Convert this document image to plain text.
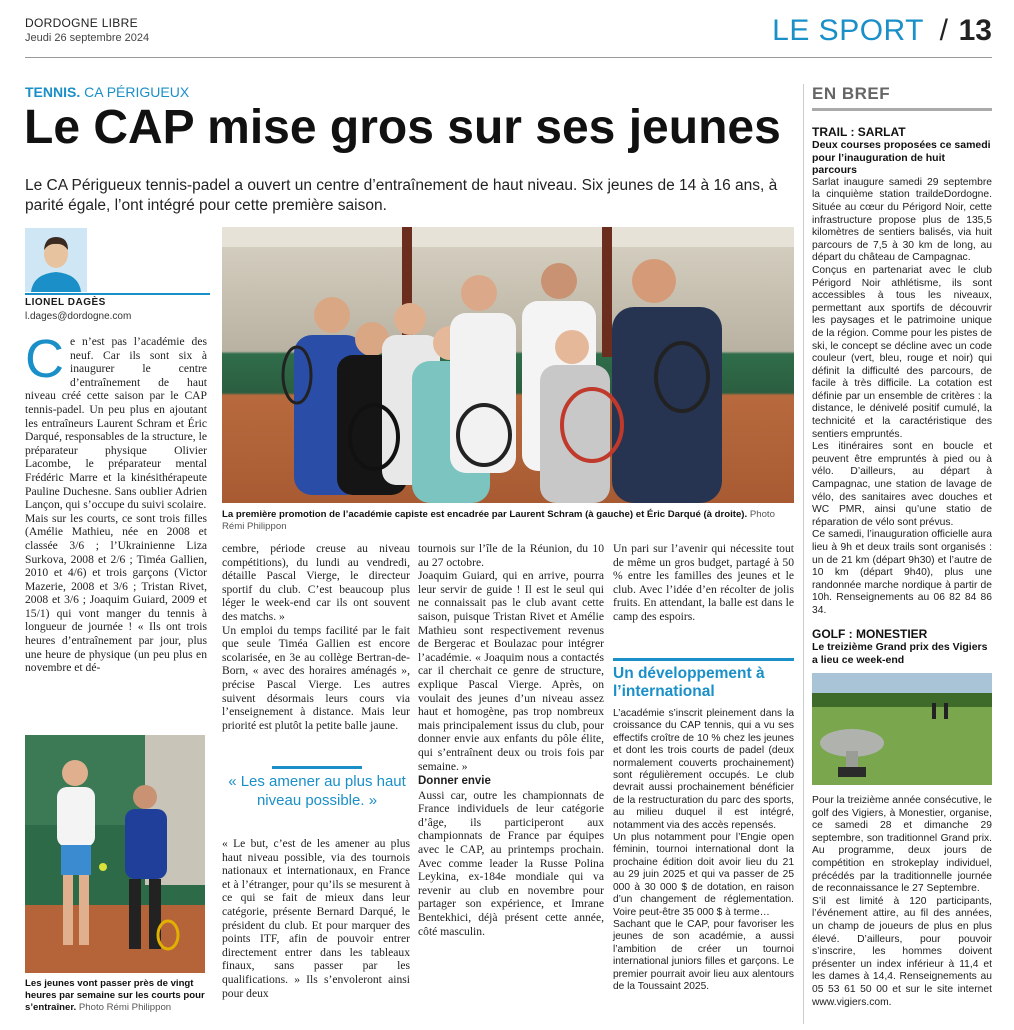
DORDOGNE LIBRE
Jeudi 26 septembre 2024	LE SPORT / 13
TENNIS. CA PÉRIGUEUX
Le CAP mise gros sur ses jeunes
Le CA Périgueux tennis-padel a ouvert un centre d’entraînement de haut niveau. Six jeunes de 14 à 16 ans, à parité égale, l’ont intégré pour cette première saison.
LIONEL DAGÈS
l.dages@dordogne.com
C e n’est pas l’académie des neuf. Car ils sont six à inaugurer le centre d’entraînement de haut niveau créé cette saison par le CAP tennis-padel. Un peu plus en ajoutant les entraîneurs Laurent Schram et Éric Darqué, responsables de la structure, le préparateur physique Olivier Lacombe, le préparateur mental Frédéric Marre et la kinésithérapeute Pauline Duchesne. Sans oublier Adrien Lançon, qui s’occupe du suivi scolaire.
Mais sur les courts, ce sont trois filles (Amélie Mathieu, née en 2008 et classée 3/6 ; l’Ukrainienne Liza Surkova, 2008 et 2/6 ; Timéa Gallien, 2010 et 4/6) et trois garçons (Victor Mazerie, 2008 et 3/6 ; Tristan Rivet, 2008 et 3/6 ; Joaquim Guiard, 2009 et 15/1) qui vont manger du tennis à longueur de journée ! « Ils ont trois heures d’entraînement par jour, plus une heure de physique (un peu plus en novembre et dé-
La première promotion de l’académie capiste est encadrée par Laurent Schram (à gauche) et Éric Darqué (à droite). Photo Rémi Philippon
cembre, période creuse au niveau compétitions), du lundi au vendredi, détaille Pascal Vierge, le directeur sportif du club. C’est beaucoup plus léger le week-end car ils ont souvent des matchs. »
Un emploi du temps facilité par le fait que seule Timéa Gallien est encore scolarisée, en 3e au collège Bertran-de-Born, « avec des horaires aménagés », précise Pascal Vierge. Les autres suivent désormais leurs cours via l’enseignement à distance. Mais leur priorité est plutôt la petite balle jaune.
« Les amener au plus haut niveau possible. »
« Le but, c’est de les amener au plus haut niveau possible, via des tournois nationaux et internationaux, en France et à l’étranger, pour qu’ils se mesurent à ce qui se fait de mieux dans leur catégorie, présente Bernard Darqué, le président du club. Et pour marquer des points ITF, afin de pouvoir entrer directement entrer dans les tableaux finaux, sans passer par les qualifications. » Ils s’envoleront ainsi pour deux
tournois sur l’île de la Réunion, du 10 au 27 octobre.
Joaquim Guiard, qui en arrive, pourra leur servir de guide ! Il est le seul qui ne connaissait pas le club avant cette saison, puisque Tristan Rivet et Amélie Mathieu sont respectivement revenus de Bergerac et Boulazac pour intégrer l’académie. « Joaquim nous a contactés car il cherchait ce genre de structure, explique Pascal Vierge. Après, on voulait des jeunes d’un niveau assez haut et homogène, pas trop nombreux mais principalement issus du club, pour donner envie aux enfants du pôle élite, qui s’entraînent deux ou trois fois par semaine. »
Donner envie
Aussi car, outre les championnats de France individuels de leur catégorie d’âge, ils participeront aux championnats de France par équipes avec le CAP, au printemps prochain. Avec comme leader la Russe Polina Leykina, ex-184e mondiale qui va revenir au club en novembre pour partager son expérience, et Imrane Bentekhici, déjà présent cette année, côté masculin.
Un pari sur l’avenir qui nécessite tout de même un gros budget, partagé à 50 % entre les familles des jeunes et le club. Avec l’idée d’en récolter de jolis fruits. En attendant, la balle est dans le camp des espoirs.
Un développement à l’international
L’académie s’inscrit pleinement dans la croissance du CAP tennis, qui a vu ses effectifs croître de 10 % chez les jeunes et dont les trois courts de padel (deux normalement couverts prochainement) sont régulièrement occupés. Le club devrait aussi prochainement bénéficier de la restructuration du parc des sports, au milieu duquel il est intégré, notamment via des accès repensés.
Un plus notamment pour l’Engie open féminin, tournoi international dont la prochaine édition doit avoir lieu du 21 au 29 juin 2025 et qui va passer de 25 000 à 30 000 $ de dotation, en raison d’un changement de réglementation. Voire peut-être 35 000 $ à terme…
Sachant que le CAP, pour favoriser les jeunes de son académie, a aussi l’ambition de créer un tournoi international juniors filles et garçons. Le premier pourrait avoir lieu aux alentours de la Toussaint 2025.
Les jeunes vont passer près de vingt heures par semaine sur les courts pour s’entraîner. Photo Rémi Philippon
EN BREF
TRAIL : SARLAT
Deux courses proposées ce samedi pour l’inauguration de huit parcours
Sarlat inaugure samedi 29 septembre la cinquième station traildeDordogne. Située au cœur du Périgord Noir, cette infrastructure propose plus de 135,5 kilomètres de sentiers balisés, via huit parcours de 7,5 à 30 km de long, au départ du château de Campagnac.
Conçus en partenariat avec le club Périgord Noir athlétisme, ils sont accessibles à tous les niveaux, permettant aux sportifs de découvrir les paysages et le patrimoine unique de la région. Comme pour les pistes de ski, le concept se décline avec un code couleur (vert, bleu, rouge et noir) qui définit la difficulté des parcours, de facile à très difficile. La cotation est définie par un ensemble de critères : la distance, le dénivelé positif cumulé, la technicité et la caractéristique des sentiers empruntés.
Les itinéraires sont en boucle et peuvent être empruntés à pied ou à vélo. D’ailleurs, au départ à Campagnac, une station de lavage de vélo, des sanitaires avec douches et WC PMR, ainsi qu’une statio de réparation de vélo sont prévus.
Ce samedi, l’inauguration officielle aura lieu à 9h et deux trails sont organisés : un de 21 km (départ 9h30) et l’autre de 10 km (départ 9h40), plus une randonnée marche nordique à partir de 10h. Renseignements au 06 82 84 86 34.
GOLF : MONESTIER
Le treizième Grand prix des Vigiers a lieu ce week-end
Pour la treizième année consécutive, le golf des Vigiers, à Monestier, organise, ce samedi 28 et dimanche 29 septembre, son traditionnel Grand prix. Au programme, deux jours de compétition en strokeplay individuel, précédés par la traditionnelle journée de reconnaissance le 27 Septembre.
S’il est limité à 120 participants, l’événement attire, au fil des années, un champ de joueurs de plus en plus élevé. D’ailleurs, pour pouvoir s’inscrire, les hommes doivent présenter un index inférieur à 11,4 et les dames à 14,4. Renseignements au 05 53 61 50 00 et sur le site internet www.vigiers.com.
